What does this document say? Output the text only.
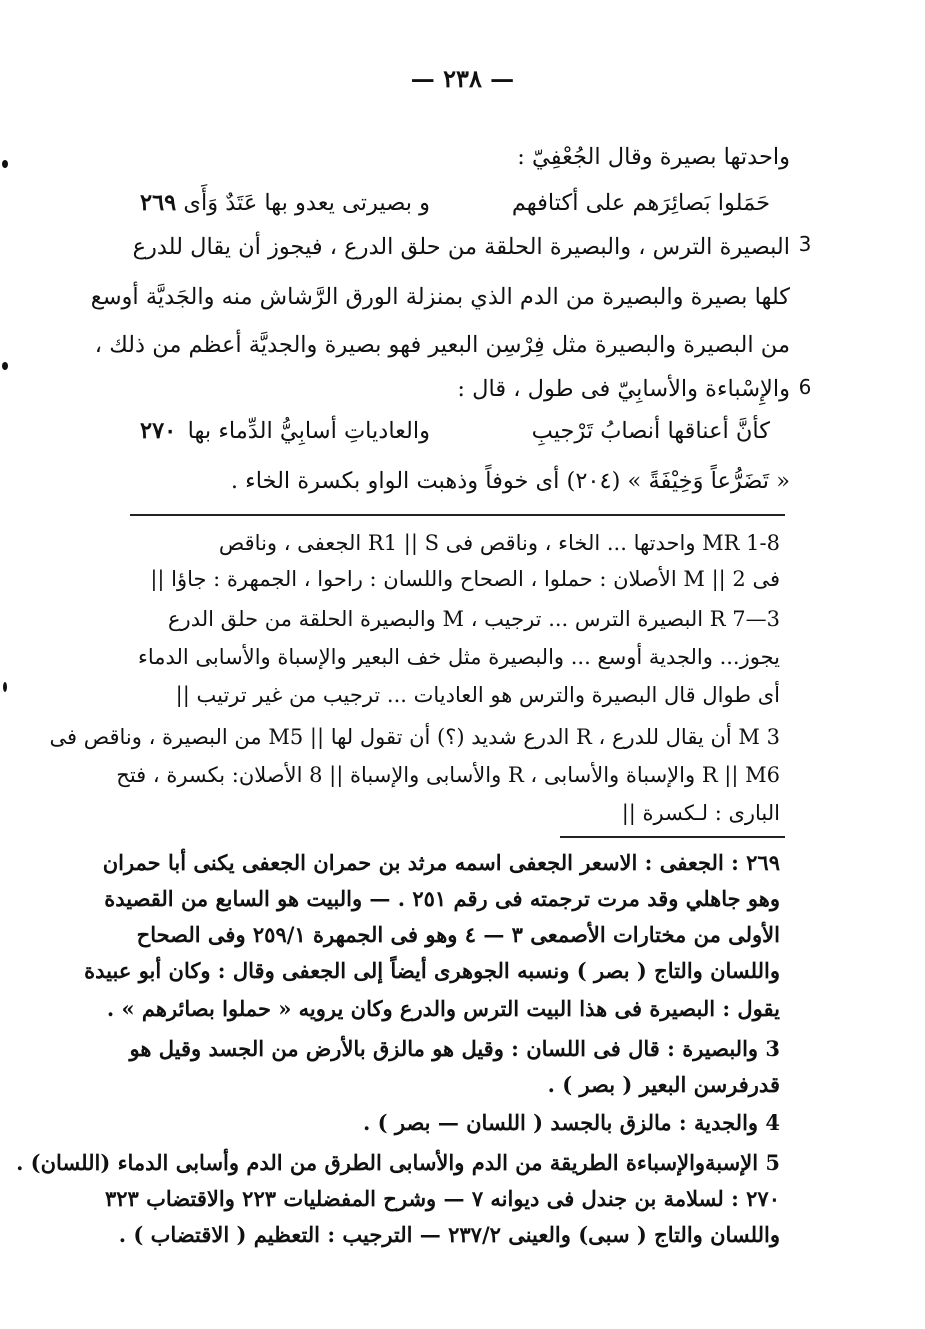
— ٢٣٨ —
واحدتها بصيرة وقال الجُعْفِيّ :
حَمَلوا بَصائِرَهم على أكتافهم
و بصيرتى يعدو بها عَتَدٌ وَأَى
٢٦٩
البصيرة الترس ، والبصيرة الحلقة من حلق الدرع ، فيجوز أن يقال للدرع
كلها بصيرة والبصيرة من الدم الذي بمنزلة الورق الرَّشاش منه والجَديَّة أوسع
من البصيرة والبصيرة مثل فِرْسِن البعير فهو بصيرة والجديَّة أعظم من ذلك ،
والإِسْباءة والأسابِيّ فى طول ، قال :
كأنَّ أعناقها أنصابُ تَرْجيبِ
والعادياتِ أسابِيُّ الدِّماء بها
٢٧٠
« تَضَرُّعاً وَخِيْفَةً » (٢٠٤) أى خوفاً وذهبت الواو بكسرة الخاء .
3
6
1-8 MR واحدتها ... الخاء ، وناقص فى R1 || S الجعفى ، وناقص
فى M || 2 الأصلان : حملوا ، الصحاح واللسان : راحوا ، الجمهرة : جاؤا ||
3—7 R البصيرة الترس ... ترجيب ، M والبصيرة الحلقة من حلق الدرع
يجوز... والجدية أوسع ... والبصيرة مثل خف البعير والإسباة والأسابى الدماء
أى طوال قال البصيرة والترس هو العاديات ... ترجيب من غير ترتيب ||
3 M أن يقال للدرع ، R الدرع شديد (؟) أن تقول لها || M5 من البصيرة ، وناقص فى
R || M6 والإسباة والأسابى ، R والأسابى والإسباة || 8 الأصلان: بكسرة ، فتح
البارى : لـكسرة ||
٢٦٩ : الجعفى : الاسعر الجعفى اسمه مرثد بن حمران الجعفى يكنى أبا حمران
وهو جاهلي وقد مرت ترجمته فى رقم ٢٥١ . — والبيت هو السابع من القصيدة
الأولى من مختارات الأصمعى ٣ — ٤ وهو فى الجمهرة ٢٥٩/١ وفى الصحاح
واللسان والتاج ( بصر ) ونسبه الجوهرى أيضاً إلى الجعفى وقال : وكان أبو عبيدة
يقول : البصيرة فى هذا البيت الترس والدرع وكان يرويه « حملوا بصائرهم » .
3 والبصيرة : قال فى اللسان : وقيل هو مالزق بالأرض من الجسد وقيل هو
قدرفرسن البعير ( بصر ) .
4 والجدية : مالزق بالجسد ( اللسان — بصر ) .
5 الإسبةوالإسباءة الطريقة من الدم والأسابى الطرق من الدم وأسابى الدماء (اللسان) .
٢٧٠ : لسلامة بن جندل فى ديوانه ٧ — وشرح المفضليات ٢٢٣ والاقتضاب ٣٢٣
واللسان والتاج ( سبى) والعينى ٢٣٧/٢ — الترجيب : التعظيم ( الاقتضاب ) .
